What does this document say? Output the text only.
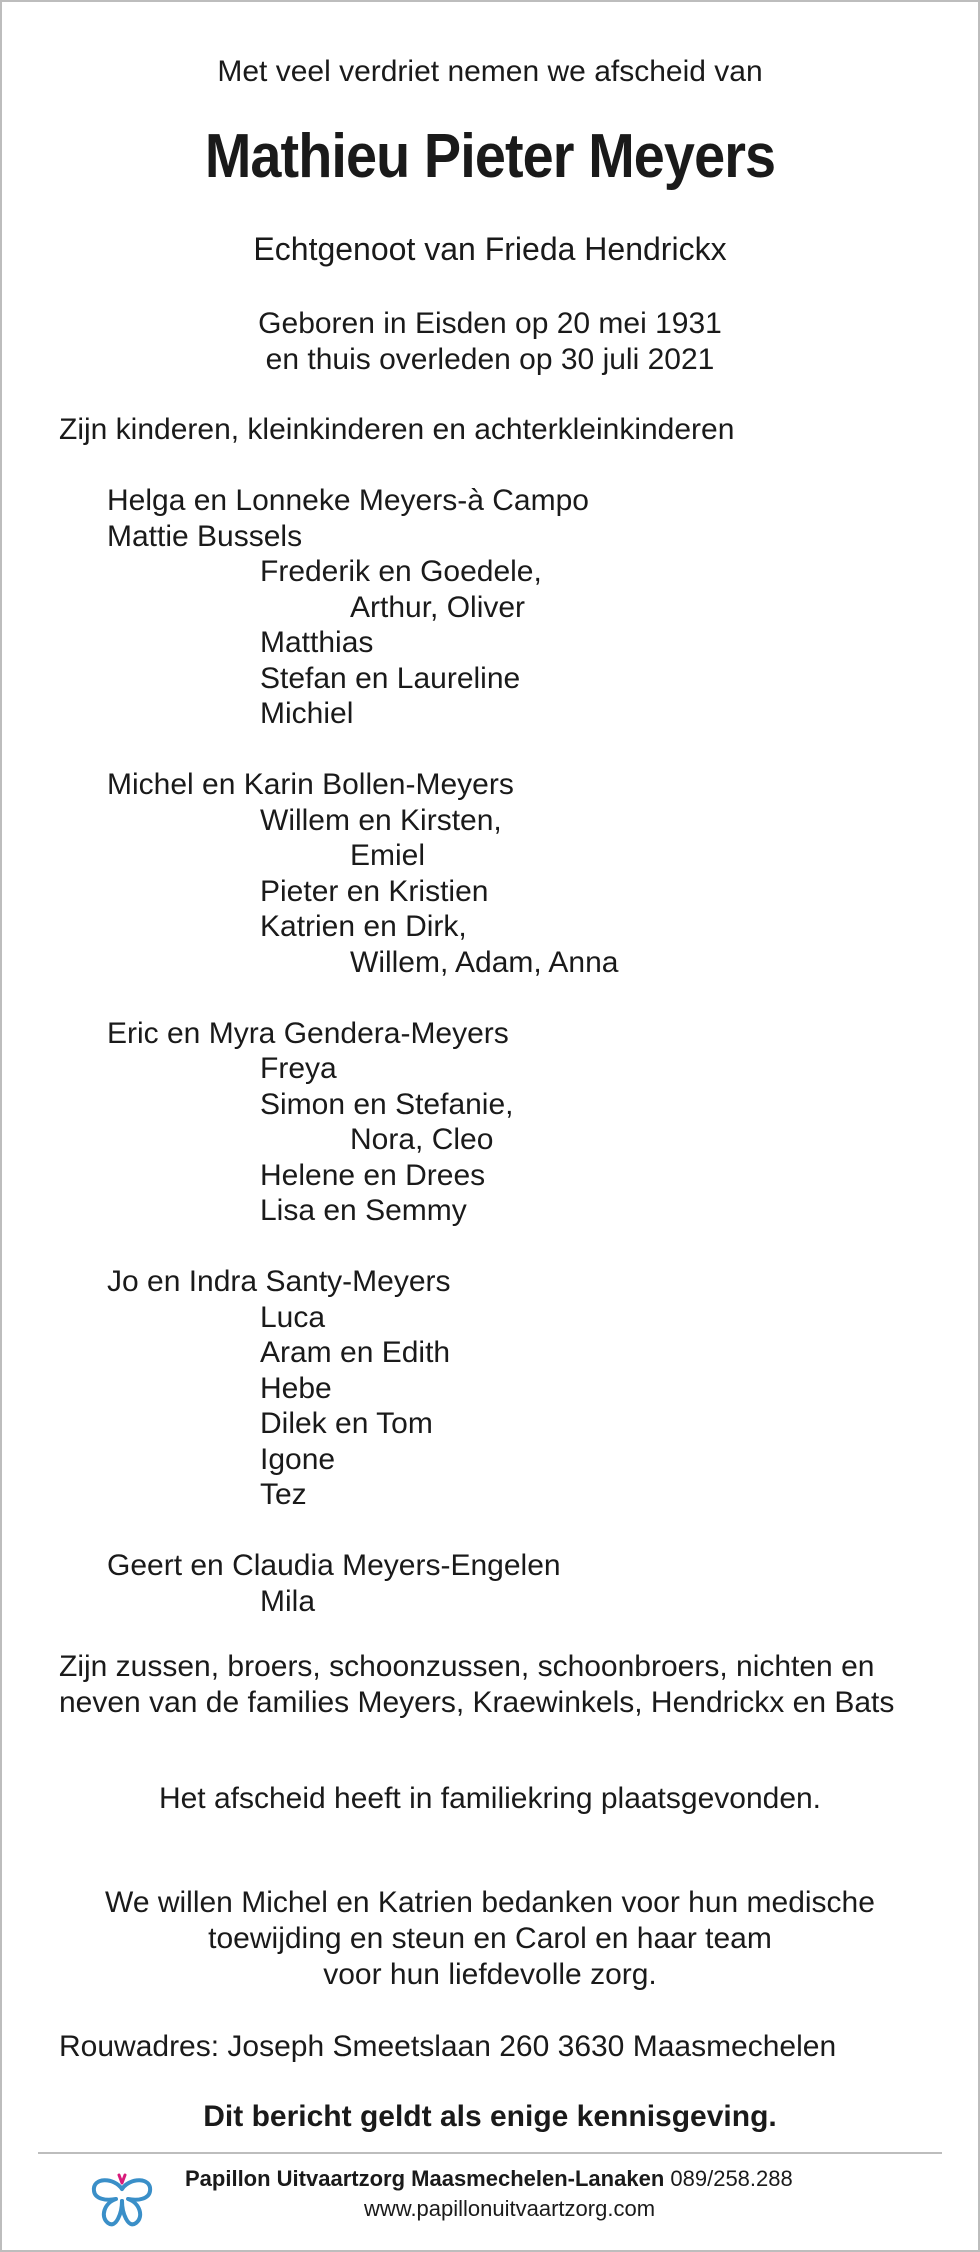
Met veel verdriet nemen we afscheid van
Mathieu Pieter Meyers
Echtgenoot van Frieda Hendrickx
Geboren in Eisden op 20 mei 1931
en thuis overleden op 30 juli 2021
Zijn kinderen, kleinkinderen en achterkleinkinderen
Helga en Lonneke Meyers-à Campo
Mattie Bussels
Frederik en Goedele,
Arthur, Oliver
Matthias
Stefan en Laureline
Michiel
Michel en Karin Bollen-Meyers
Willem en Kirsten,
Emiel
Pieter en Kristien
Katrien en Dirk,
Willem, Adam, Anna
Eric en Myra Gendera-Meyers
Freya
Simon en Stefanie,
Nora, Cleo
Helene en Drees
Lisa en Semmy
Jo en Indra Santy-Meyers
Luca
Aram en Edith
Hebe
Dilek en Tom
Igone
Tez
Geert en Claudia Meyers-Engelen
Mila
Zijn zussen, broers, schoonzussen, schoonbroers, nichten en
neven van de families Meyers, Kraewinkels, Hendrickx en Bats
Het afscheid heeft in familiekring plaatsgevonden.
We willen Michel en Katrien bedanken voor hun medische
toewijding en steun en Carol en haar team
voor hun liefdevolle zorg.
Rouwadres: Joseph Smeetslaan 260 3630 Maasmechelen
Dit bericht geldt als enige kennisgeving.
Papillon Uitvaartzorg Maasmechelen-Lanaken 089/258.288
www.papillonuitvaartzorg.com
